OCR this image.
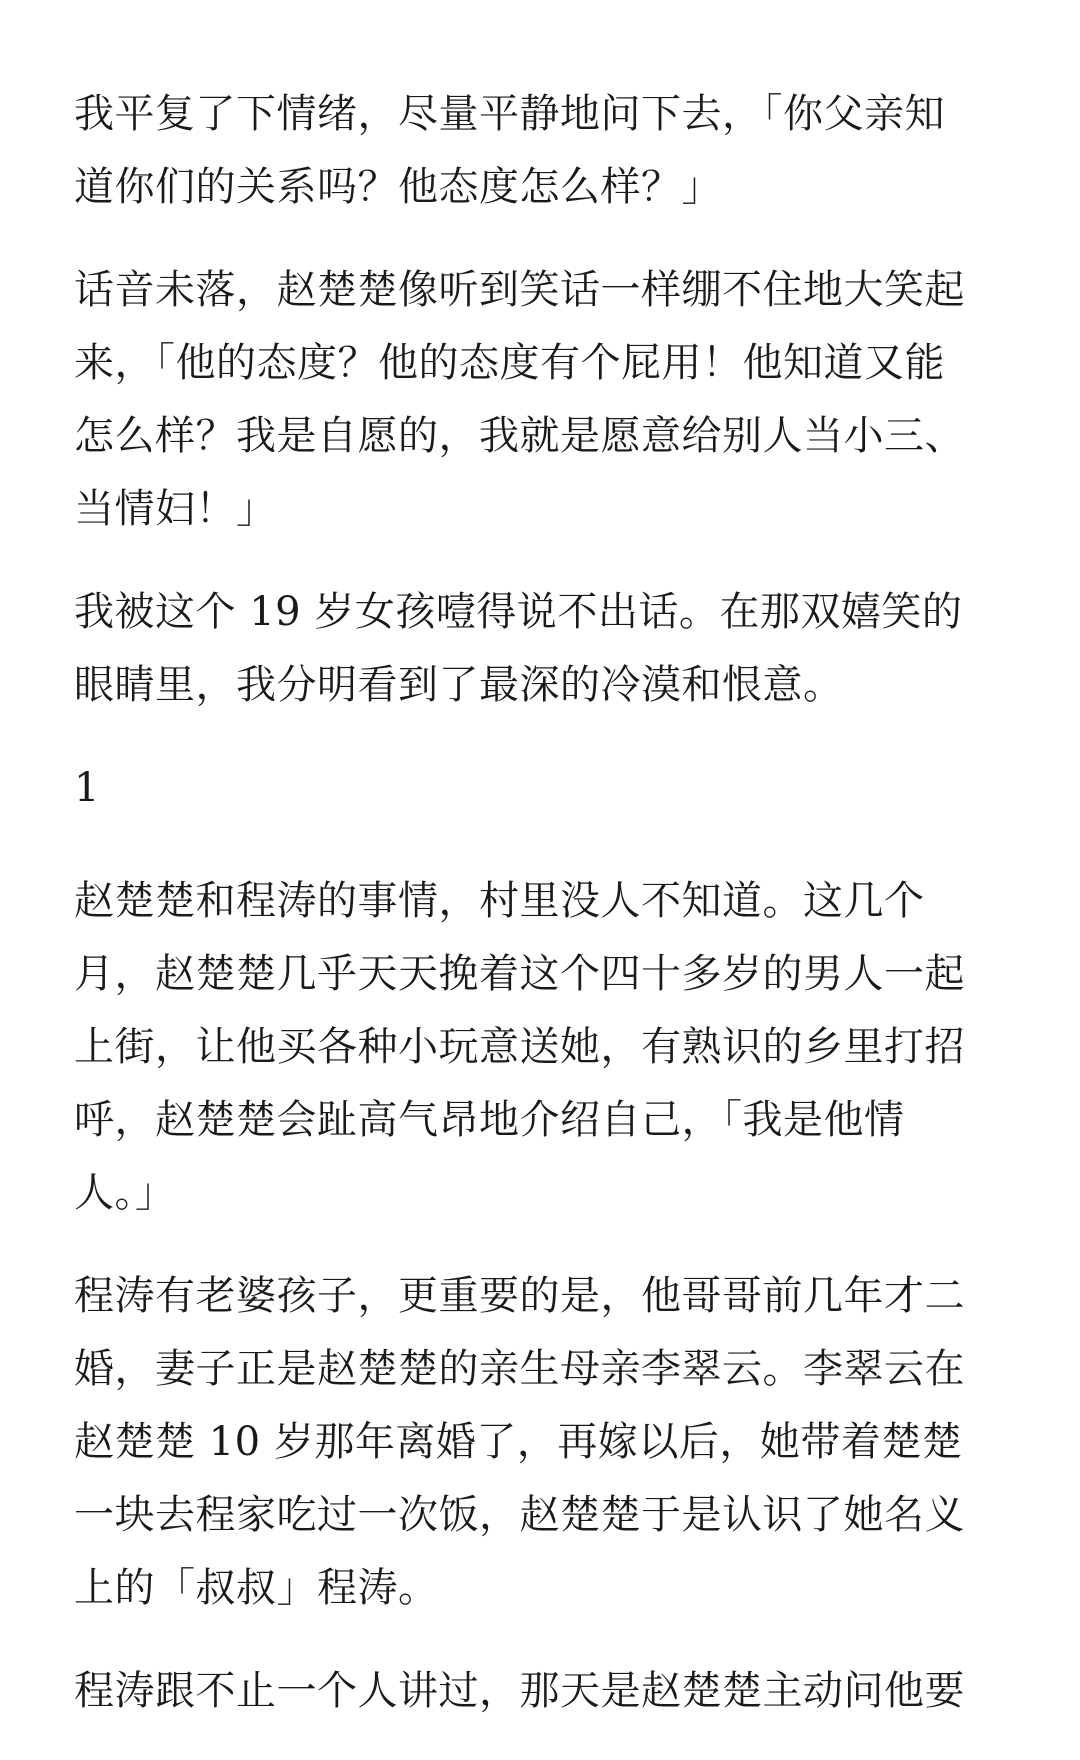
我平复了下情绪，尽量平静地问下去，「你父亲知
道你们的关系吗？他态度怎么样？」

话音未落，赵楚楚像听到笑话一样绷不住地大笑起
来，「他的态度？他的态度有个屁用！他知道又能
怎么样？我是自愿的，我就是愿意给别人当小三、
当情妇！」

我被这个 19 岁女孩噎得说不出话。在那双嬉笑的
眼睛里，我分明看到了最深的冷漠和恨意。

1

赵楚楚和程涛的事情，村里没人不知道。这几个
月，赵楚楚几乎天天挽着这个四十多岁的男人一起
上街，让他买各种小玩意送她，有熟识的乡里打招
呼，赵楚楚会趾高气昂地介绍自己，「我是他情
人。」

程涛有老婆孩子，更重要的是，他哥哥前几年才二
婚，妻子正是赵楚楚的亲生母亲李翠云。李翠云在
赵楚楚 10 岁那年离婚了，再嫁以后，她带着楚楚
一块去程家吃过一次饭，赵楚楚于是认识了她名义
上的「叔叔」程涛。

程涛跟不止一个人讲过，那天是赵楚楚主动问他要
